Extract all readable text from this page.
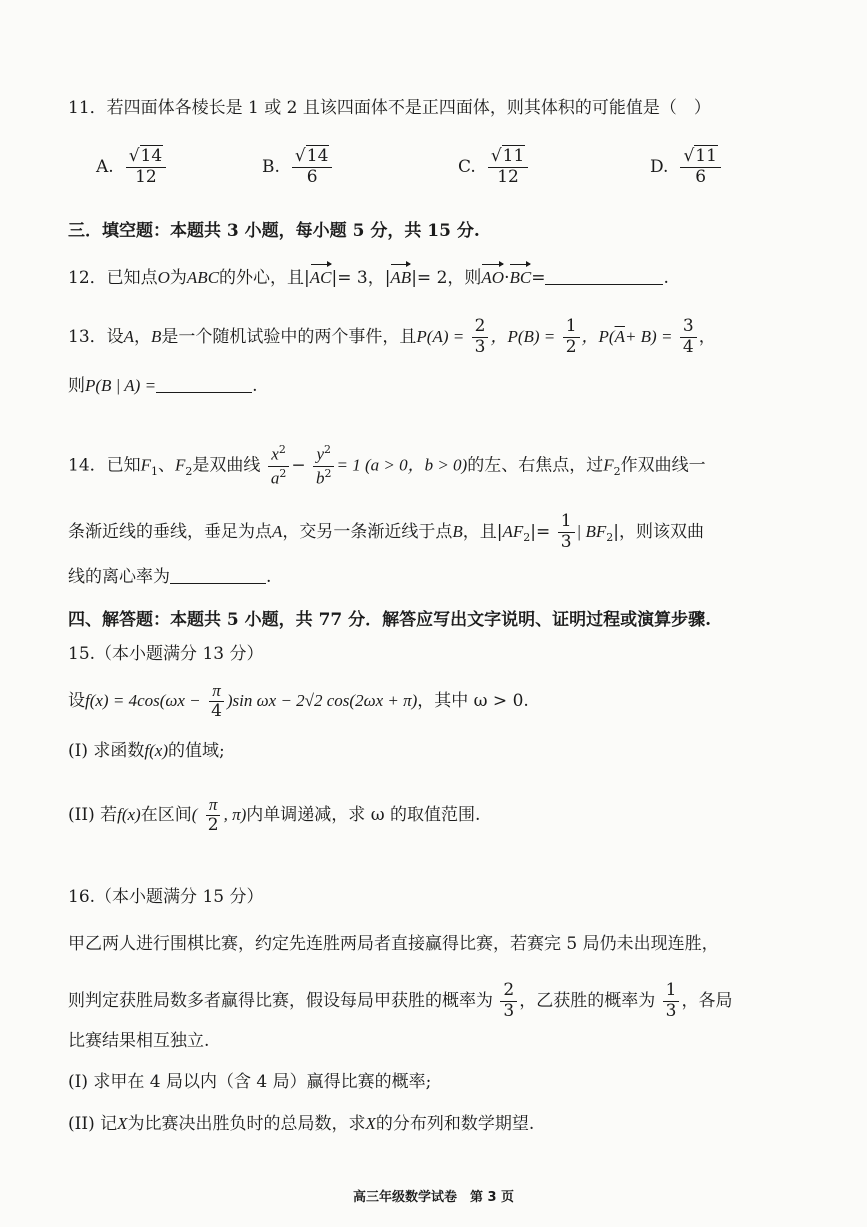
11．若四面体各棱长是 1 或 2 且该四面体不是正四面体，则其体积的可能值是（　）
A. $\frac{√14}{12}$	B. $\frac{√14}{6}$	C. $\frac{√11}{12}$	D. $\frac{√11}{6}$
三．填空题：本题共 3 小题，每小题 5 分，共 15 分.
12．已知点O为ABC的外心，且|AC|= 3，|AB|= 2，则AO·BC=	.
13．设A，B是一个随机试验中的两个事件，且$P(A) = \frac{2}{3}$ ，$P(B) = \frac{1}{2}$ ，$P(\overline{A}+ B) = \frac{3}{4}$ ，
则P(B | A) =	.
14．已知$F_1$、$F_2$是双曲线 $\frac{x^2}{a^2} - \frac{y^2}{b^2} = 1$ (a > 0，b > 0)的左、右焦点，过$F_2$作双曲线一
条渐近线的垂线，垂足为点A，交另一条渐近线于点B，且$|AF_2|= \frac{1}{3}$ | $BF_2|$，则该双曲
线的离心率为	.
四、解答题：本题共 5 小题，共 77 分．解答应写出文字说明、证明过程或演算步骤.
15.（本小题满分 13 分）
设$f(x) = 4\cos(\omega x - \frac{\pi}{4} )\sin$ ωx − 2√2 cos(2ωx + π)，其中 ω > 0.
(I) 求函数f(x)的值域;
(II) 若f(x)在区间( $\frac{\pi}{2}$ , π)内单调递减，求 ω 的取值范围.
16.（本小题满分 15 分）
甲乙两人进行围棋比赛，约定先连胜两局者直接赢得比赛，若赛完 5 局仍未出现连胜，
则判定获胜局数多者赢得比赛，假设每局甲获胜的概率为 $\frac{2}{3}$ ，乙获胜的概率为 $\frac{1}{3}$ ，各局
比赛结果相互独立.
(I) 求甲在 4 局以内（含 4 局）赢得比赛的概率;
(II) 记X为比赛决出胜负时的总局数，求X的分布列和数学期望.
高三年级数学试卷　第 3 页
